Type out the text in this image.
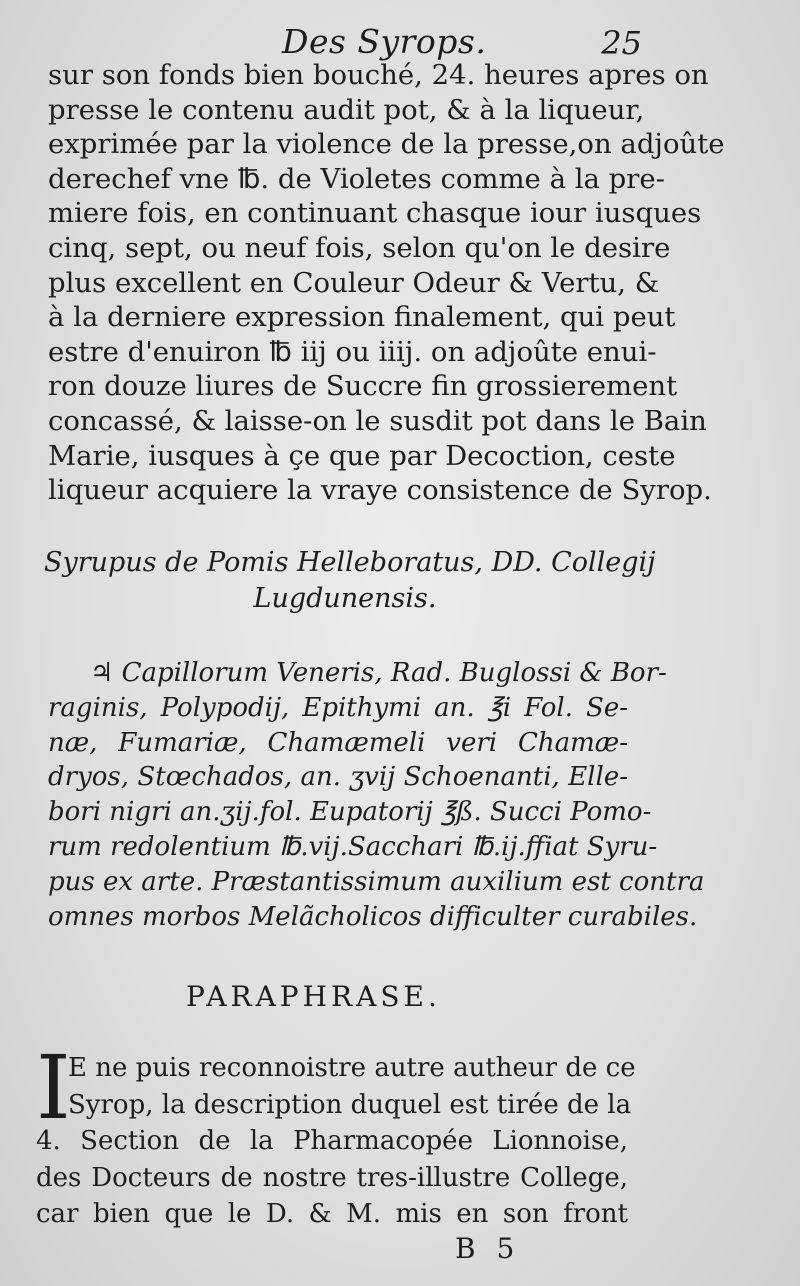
Des Syrops.	25
sur son fonds bien bouché, 24. heures apres on
presse le contenu audit pot, & à la liqueur,
exprimée par la violence de la presse,on adjoûte
derechef vne ℔. de Violetes comme à la pre-
miere fois, en continuant chasque iour iusques
cinq, sept, ou neuf fois, selon qu'on le desire
plus excellent en Couleur Odeur & Vertu, &
à la derniere expression finalement, qui peut
estre d'enuiron ℔ iij ou iiij. on adjoûte enui-
ron douze liures de Succre fin grossierement
concassé, & laisse-on le susdit pot dans le Bain
Marie, iusques à çe que par Decoction, ceste
liqueur acquiere la vraye consistence de Syrop.
Syrupus de Pomis Helleboratus, DD. Collegij
Lugdunensis.
♃ Capillorum Veneris, Rad. Buglossi & Bor-
raginis, Polypodij, Epithymi an. ℥i Fol. Se-
næ, Fumariæ, Chamæmeli veri Chamæ-
dryos, Stœchados, an. ʒvij Schoenanti, Elle-
bori nigri an.ʒij.fol. Eupatorij ℥ß. Succi Pomo-
rum redolentium ℔.vij.Sacchari ℔.ij.ffiat Syru-
pus ex arte. Præstantissimum auxilium est contra
omnes morbos Melãcholicos difficulter curabiles.
PARAPHRASE.
I
E ne puis reconnoistre autre autheur de ce
Syrop, la description duquel est tirée de la
4. Section de la Pharmacopée Lionnoise,
des Docteurs de nostre tres-illustre College,
car bien que le D. & M. mis en son front
B 5
